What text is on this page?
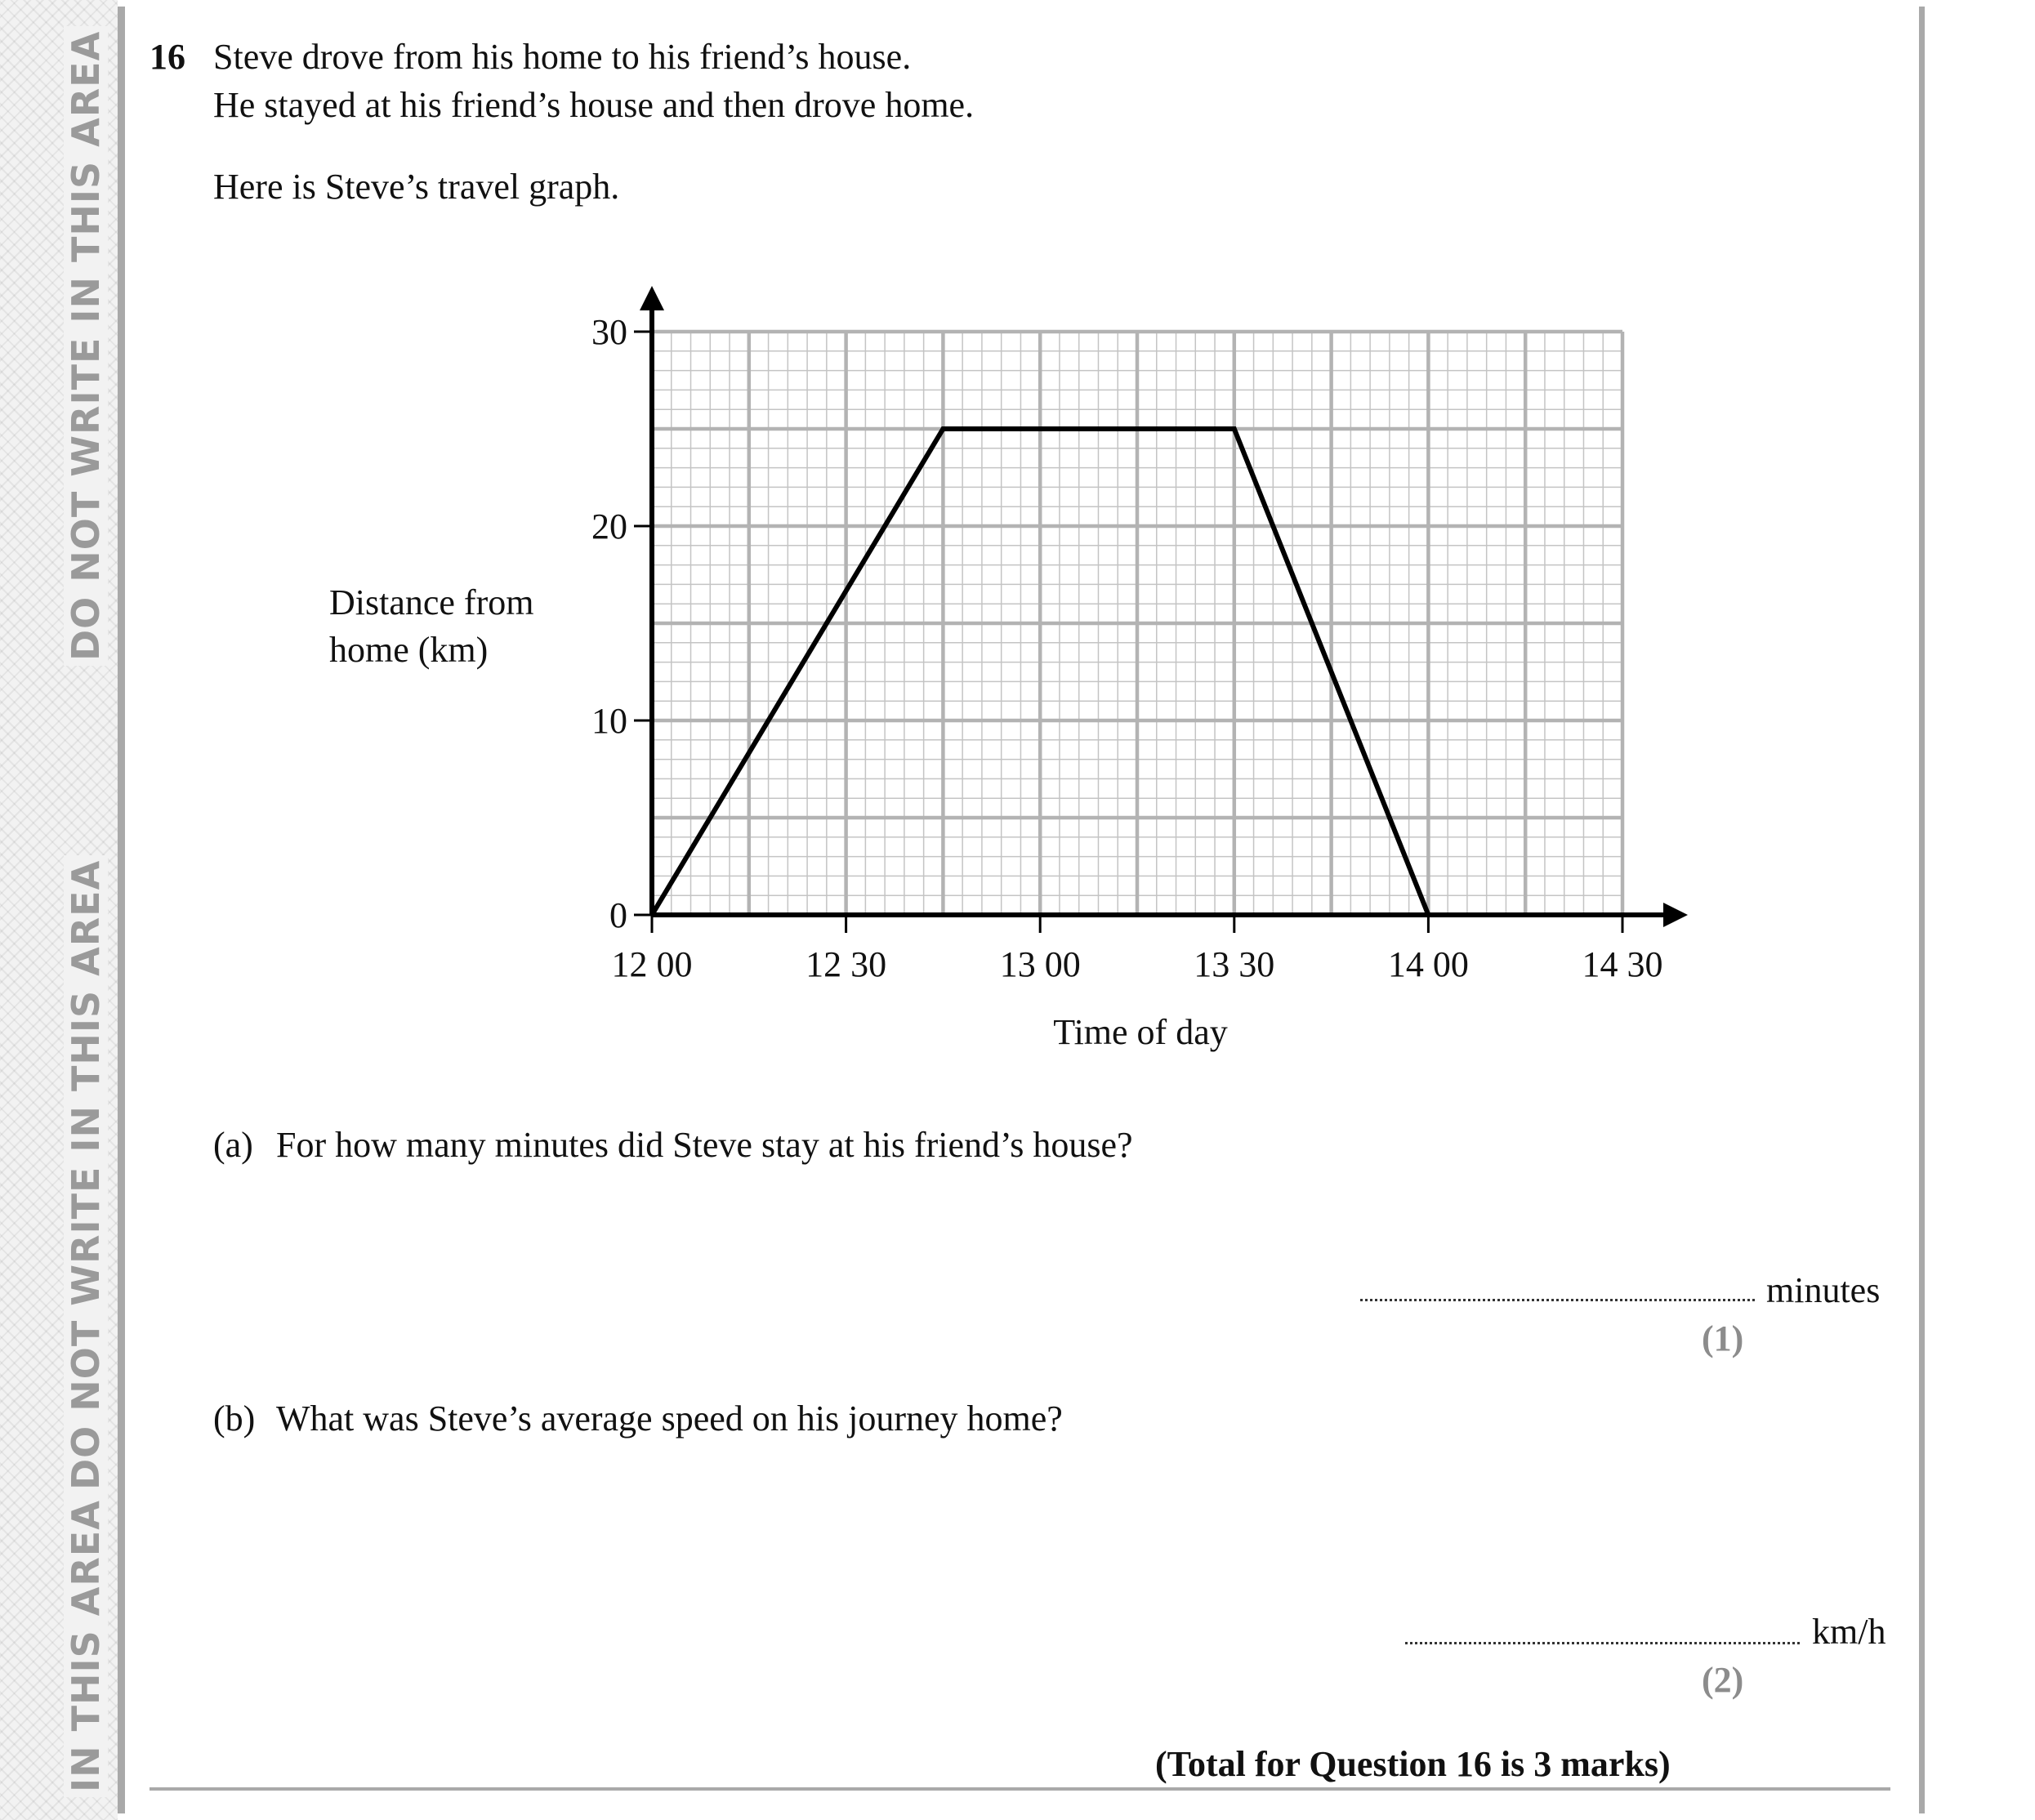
DO NOT WRITE IN THIS AREA
DO NOT WRITE IN THIS AREA
IN THIS AREA
16 Steve drove from his home to his friend’s house.
He stayed at his friend’s house and then drove home.
Here is Steve’s travel graph.
Distance from
home (km)
0
10
20
30
12 00	12 30	13 00	13 30	14 00	14 30
Time of day
(a) For how many minutes did Steve stay at his friend’s house?
minutes
(1)
(b) What was Steve’s average speed on his journey home?
km/h
(2)
(Total for Question 16 is 3 marks)
